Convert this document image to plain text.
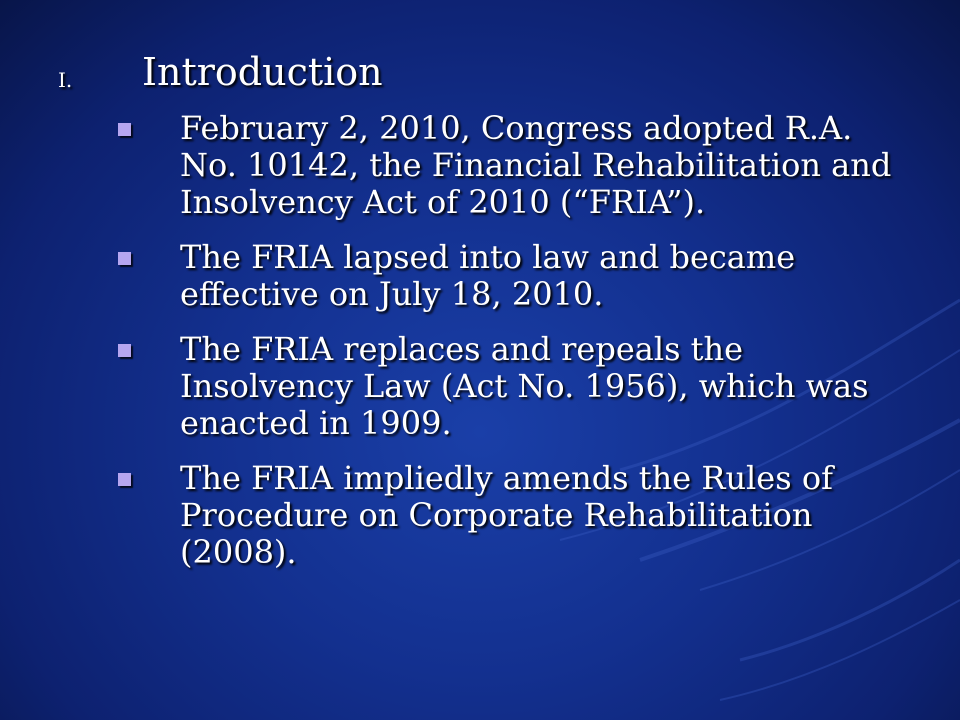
I. Introduction
February 2, 2010, Congress adopted R.A. No. 10142, the Financial Rehabilitation and Insolvency Act of 2010 (“FRIA”).
The FRIA lapsed into law and became effective on July 18, 2010.
The FRIA replaces and repeals the Insolvency Law (Act No. 1956), which was enacted in 1909.
The FRIA impliedly amends the Rules of Procedure on Corporate Rehabilitation (2008).
